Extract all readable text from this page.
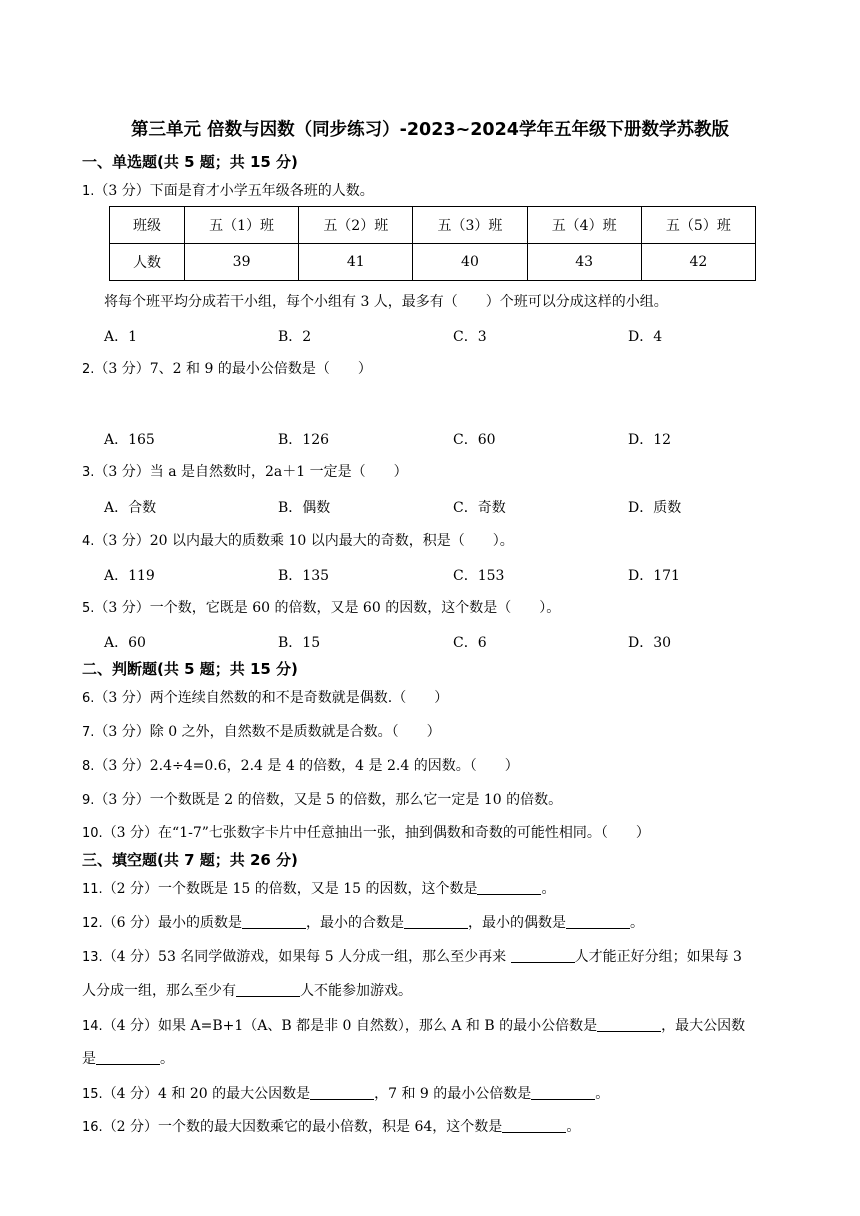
第三单元 倍数与因数（同步练习）-2023~2024学年五年级下册数学苏教版
一、单选题(共 5 题；共 15 分)
1.（3 分）下面是育才小学五年级各班的人数。
班级	五（1）班	五（2）班	五（3）班	五（4）班	五（5）班
人数	39	41	40	43	42
将每个班平均分成若干小组，每个小组有 3 人，最多有（　　）个班可以分成这样的小组。
A．1	B．2	C．3	D．4
2.（3 分）7、2 和 9 的最小公倍数是（　　）
A．165	B．126	C．60	D．12
3.（3 分）当 a 是自然数时，2a＋1 一定是（　　）
A．合数	B．偶数	C．奇数	D．质数
4.（3 分）20 以内最大的质数乘 10 以内最大的奇数，积是（　　）。
A．119	B．135	C．153	D．171
5.（3 分）一个数，它既是 60 的倍数，又是 60 的因数，这个数是（　　）。
A．60	B．15	C．6	D．30
二、判断题(共 5 题；共 15 分)
6.（3 分）两个连续自然数的和不是奇数就是偶数.（　　）
7.（3 分）除 0 之外，自然数不是质数就是合数。（　　）
8.（3 分）2.4÷4=0.6，2.4 是 4 的倍数，4 是 2.4 的因数。（　　）
9.（3 分）一个数既是 2 的倍数，又是 5 的倍数，那么它一定是 10 的倍数。
10.（3 分）在“1-7”七张数字卡片中任意抽出一张，抽到偶数和奇数的可能性相同。（　　）
三、填空题(共 7 题；共 26 分)
11.（2 分）一个数既是 15 的倍数，又是 15 的因数，这个数是	。
12.（6 分）最小的质数是	，最小的合数是	，最小的偶数是	。
13.（4 分）53 名同学做游戏，如果每 5 人分成一组，那么至少再来	人才能正好分组；如果每 3
人分成一组，那么至少有	人不能参加游戏。
14.（4 分）如果 A=B+1（A、B 都是非 0 自然数），那么 A 和 B 的最小公倍数是	，最大公因数
是	。
15.（4 分）4 和 20 的最大公因数是	，7 和 9 的最小公倍数是	。
16.（2 分）一个数的最大因数乘它的最小倍数，积是 64，这个数是	。
